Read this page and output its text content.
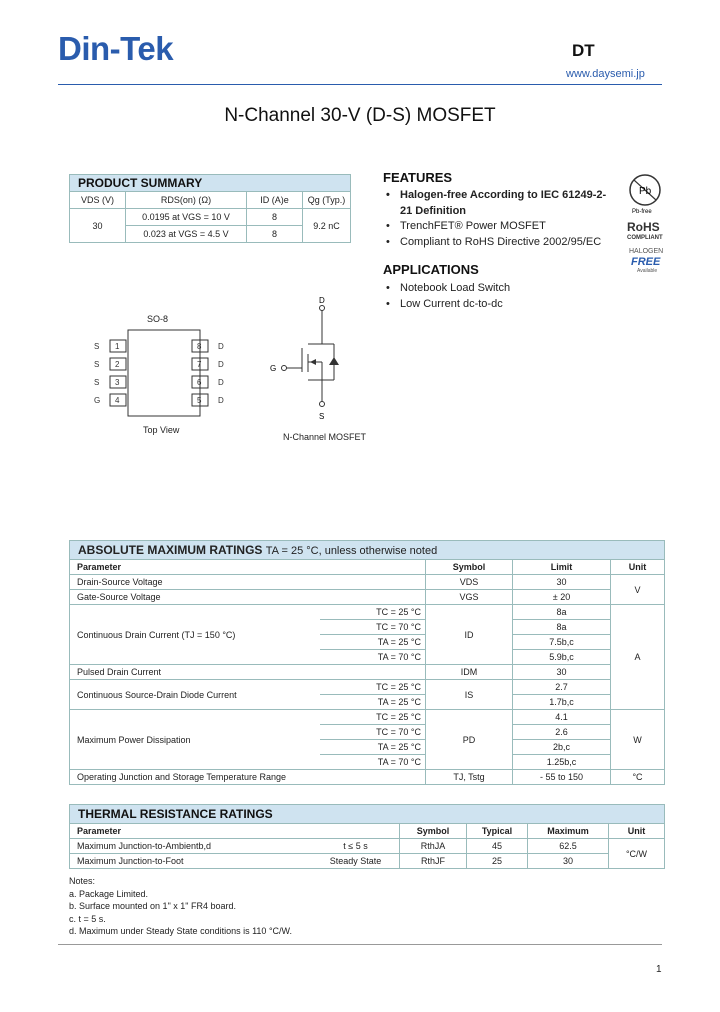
Din-Tek	DT
www.daysemi.jp
N-Channel 30-V (D-S) MOSFET
PRODUCT SUMMARY			
VDS (V)	RDS(on) (Ω)	ID (A)e	Qg (Typ.)
30	0.0195 at VGS = 10 V	8	9.2 nC
	0.023 at VGS = 4.5 V	8	
FEATURES
• Halogen-free According to IEC 61249-2-21 Definition
• TrenchFET® Power MOSFET
• Compliant to RoHS Directive 2002/95/EC
Pb
Pb-free
RoHS
COMPLIANT
HALOGEN
FREE
Available
APPLICATIONS
• Notebook Load Switch
• Low Current dc-to-dc
SO-8
S
S
S
G
1
2
3
4
8
7
6
5
D
D
D
D
Top View
D
G
S
N-Channel MOSFET
ABSOLUTE MAXIMUM RATINGS TA = 25 °C, unless otherwise noted				
Parameter		Symbol	Limit	Unit
Drain-Source Voltage		VDS	30	V
Gate-Source Voltage		VGS	± 20	
Continuous Drain Current (TJ = 150 °C)	TC = 25 °C	ID	8a	A
	TC = 70 °C		8a	
	TA = 25 °C		7.5b,c	
	TA = 70 °C		5.9b,c	
Pulsed Drain Current		IDM	30	
Continuous Source-Drain Diode Current	TC = 25 °C	IS	2.7	
	TA = 25 °C		1.7b,c	
Maximum Power Dissipation	TC = 25 °C	PD	4.1	W
	TC = 70 °C		2.6	
	TA = 25 °C		2b,c	
	TA = 70 °C		1.25b,c	
Operating Junction and Storage Temperature Range		TJ, Tstg	- 55 to 150	°C
THERMAL RESISTANCE RATINGS					
Parameter		Symbol	Typical	Maximum	Unit
Maximum Junction-to-Ambientb,d	t ≤ 5 s	RthJA	45	62.5	°C/W
Maximum Junction-to-Foot	Steady State	RthJF	25	30	
Notes:
a. Package Limited.
b. Surface mounted on 1" x 1" FR4 board.
c. t = 5 s.
d. Maximum under Steady State conditions is 110 °C/W.
1
